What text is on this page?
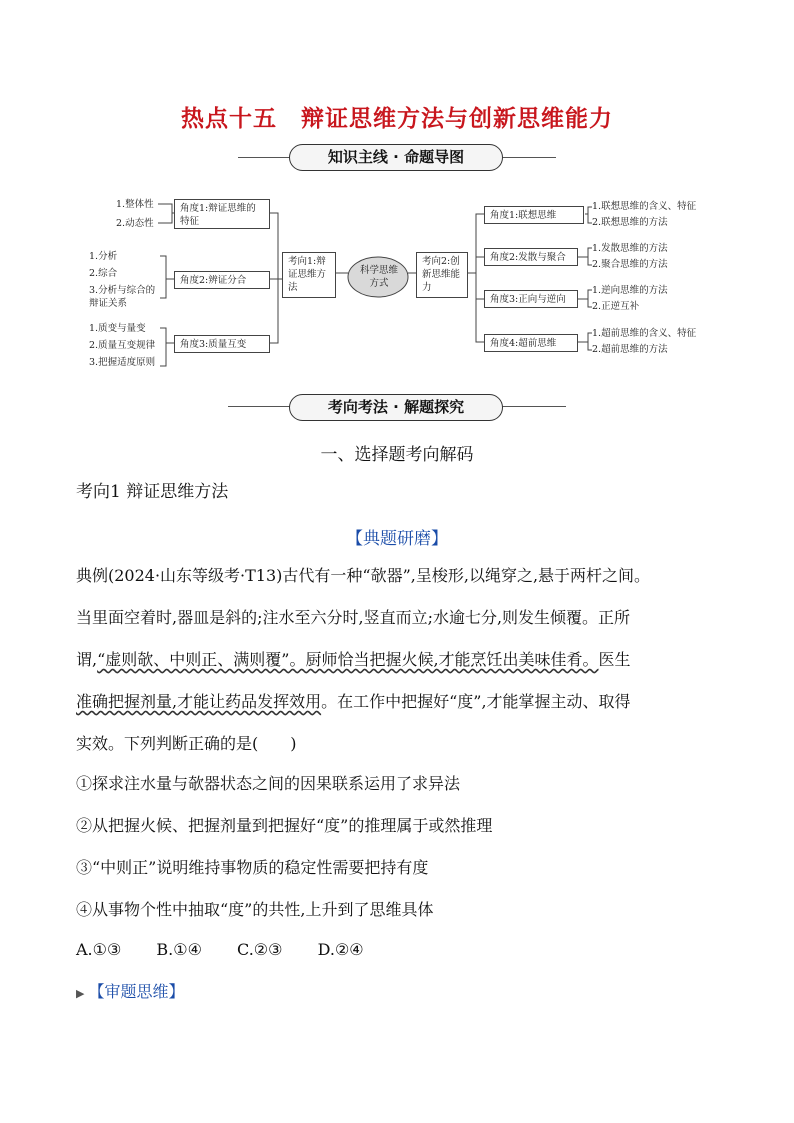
热点十五　辩证思维方法与创新思维能力
知识主线 · 命题导图
1.整体性
2.动态性
1.分析
2.综合
3.分析与综合的辩证关系
1.质变与量变
2.质量互变规律
3.把握适度原则
角度1:辩证思维的特征
角度2:辨证分合
角度3:质量互变
考向1:辩证思维方法
科学思维方式
考向2:创新思维能力
角度1:联想思维
角度2:发散与聚合
角度3:正向与逆向
角度4:超前思维
1.联想思维的含义、特征
2.联想思维的方法
1.发散思维的方法
2.聚合思维的方法
1.逆向思维的方法
2.正逆互补
1.超前思维的含义、特征
2.超前思维的方法
考向考法 · 解题探究
一、选择题考向解码
考向1 辩证思维方法
【典题研磨】
典例(2024·山东等级考·T13)古代有一种“欹器”,呈梭形,以绳穿之,悬于两杆之间。
当里面空着时,器皿是斜的;注水至六分时,竖直而立;水逾七分,则发生倾覆。正所
谓,“虚则欹、中则正、满则覆”。厨师恰当把握火候,才能烹饪出美味佳肴。医生
准确把握剂量,才能让药品发挥效用。在工作中把握好“度”,才能掌握主动、取得
实效。下列判断正确的是(　　)
①探求注水量与欹器状态之间的因果联系运用了求异法
②从把握火候、把握剂量到把握好“度”的推理属于或然推理
③“中则正”说明维持事物质的稳定性需要把持有度
④从事物个性中抽取“度”的共性,上升到了思维具体
A.①③ B.①④ C.②③ D.②④
▶ 【审题思维】
